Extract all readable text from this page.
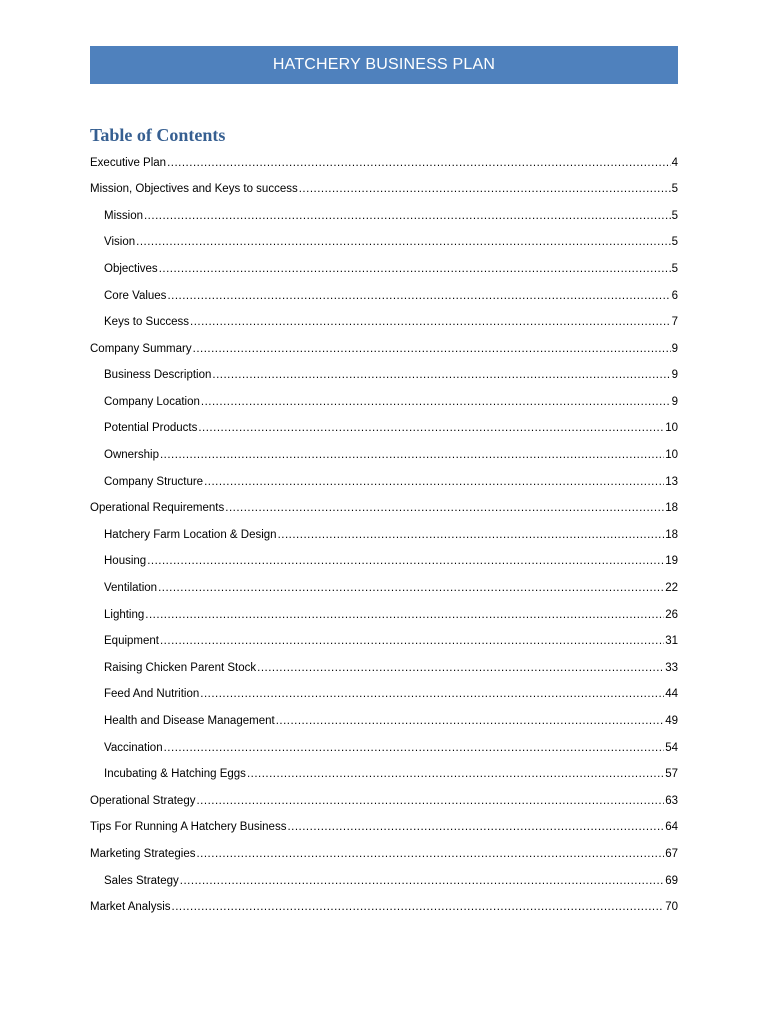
HATCHERY BUSINESS PLAN
Table of Contents
Executive Plan .....	4
Mission, Objectives and Keys to success .....	5
Mission .....	5
Vision .....	5
Objectives .....	5
Core Values .....	6
Keys to Success .....	7
Company Summary .....	9
Business Description .....	9
Company Location .....	9
Potential Products .....	10
Ownership .....	10
Company Structure .....	13
Operational Requirements .....	18
Hatchery Farm Location & Design .....	18
Housing .....	19
Ventilation .....	22
Lighting .....	26
Equipment .....	31
Raising Chicken Parent Stock .....	33
Feed And Nutrition .....	44
Health and Disease Management .....	49
Vaccination .....	54
Incubating & Hatching Eggs .....	57
Operational Strategy .....	63
Tips For Running A Hatchery Business .....	64
Marketing Strategies .....	67
Sales Strategy .....	69
Market Analysis .....	70
